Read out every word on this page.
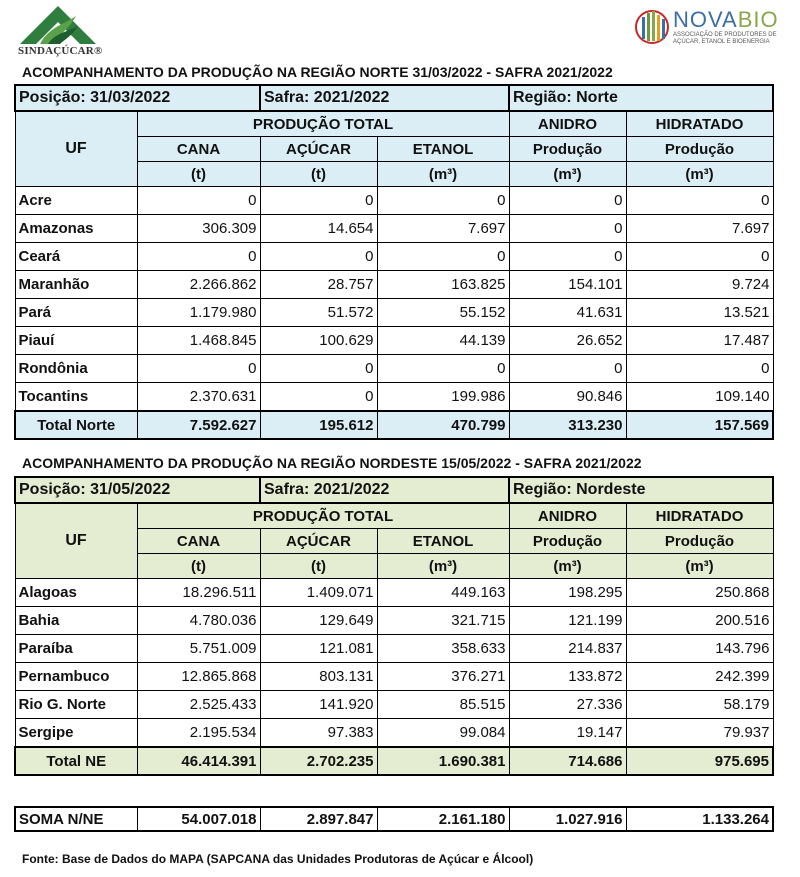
SINDAÇÚCAR®
NOVABIO
ASSOCIAÇÃO DE PRODUTORES DE AÇÚCAR, ETANOL E BIOENERGIA
ACOMPANHAMENTO DA PRODUÇÃO NA REGIÃO NORTE 31/03/2022 - SAFRA 2021/2022
Posição: 31/03/2022		Safra: 2021/2022		Região: Norte	
UF	PRODUÇÃO TOTAL			ANIDRO	HIDRATADO
	CANA	AÇÚCAR	ETANOL	Produção	Produção
	(t)	(t)	(m³)	(m³)	(m³)
Acre	0	0	0	0	0
Amazonas	306.309	14.654	7.697	0	7.697
Ceará	0	0	0	0	0
Maranhão	2.266.862	28.757	163.825	154.101	9.724
Pará	1.179.980	51.572	55.152	41.631	13.521
Piauí	1.468.845	100.629	44.139	26.652	17.487
Rondônia	0	0	0	0	0
Tocantins	2.370.631	0	199.986	90.846	109.140
Total Norte	7.592.627	195.612	470.799	313.230	157.569
ACOMPANHAMENTO DA PRODUÇÃO NA REGIÃO NORDESTE 15/05/2022 - SAFRA 2021/2022
Posição: 31/05/2022		Safra: 2021/2022		Região: Nordeste	
UF	PRODUÇÃO TOTAL			ANIDRO	HIDRATADO
	CANA	AÇÚCAR	ETANOL	Produção	Produção
	(t)	(t)	(m³)	(m³)	(m³)
Alagoas	18.296.511	1.409.071	449.163	198.295	250.868
Bahia	4.780.036	129.649	321.715	121.199	200.516
Paraíba	5.751.009	121.081	358.633	214.837	143.796
Pernambuco	12.865.868	803.131	376.271	133.872	242.399
Rio G. Norte	2.525.433	141.920	85.515	27.336	58.179
Sergipe	2.195.534	97.383	99.084	19.147	79.937
Total NE	46.414.391	2.702.235	1.690.381	714.686	975.695
SOMA N/NE	54.007.018	2.897.847	2.161.180	1.027.916	1.133.264
Fonte: Base de Dados do MAPA (SAPCANA das Unidades Produtoras de Açúcar e Álcool)
